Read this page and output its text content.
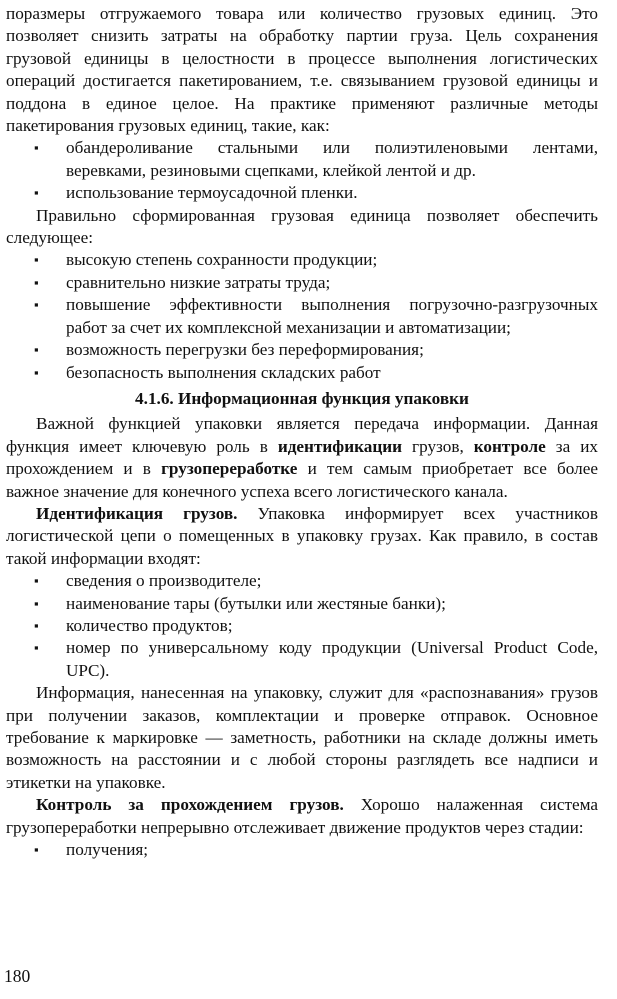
поразмеры отгружаемого товара или количество грузовых единиц. Это позволяет снизить затраты на обработку партии груза. Цель сохранения грузовой единицы в целостности в процессе выполнения логистических операций достигается пакетированием, т.е. связыванием грузовой единицы и поддона в единое целое. На практике применяют различные методы пакетирования грузовых единиц, такие, как:

▪ обандероливание стальными или полиэтиленовыми лентами, веревками, резиновыми сцепками, клейкой лентой и др.
▪ использование термоусадочной пленки.

Правильно сформированная грузовая единица позволяет обеспечить следующее:

▪ высокую степень сохранности продукции;
▪ сравнительно низкие затраты труда;
▪ повышение эффективности выполнения погрузочно-разгрузочных работ за счет их комплексной механизации и автоматизации;
▪ возможность перегрузки без переформирования;
▪ безопасность выполнения складских работ
4.1.6. Информационная функция упаковки

Важной функцией упаковки является передача информации. Данная функция имеет ключевую роль в идентификации грузов, контроле за их прохождением и в грузопереработке и тем самым приобретает все более важное значение для конечного успеха всего логистического канала.

Идентификация грузов. Упаковка информирует всех участников логистической цепи о помещенных в упаковку грузах. Как правило, в состав такой информации входят:

▪ сведения о производителе;
▪ наименование тары (бутылки или жестяные банки);
▪ количество продуктов;
▪ номер по универсальному коду продукции (Universal Product Code, UPC).

Информация, нанесенная на упаковку, служит для «распознавания» грузов при получении заказов, комплектации и проверке отправок. Основное требование к маркировке — заметность, работники на складе должны иметь возможность на расстоянии и с любой стороны разглядеть все надписи и этикетки на упаковке.

Контроль за прохождением грузов. Хорошо налаженная система грузопереработки непрерывно отслеживает движение продуктов через стадии:

▪ получения;
180
